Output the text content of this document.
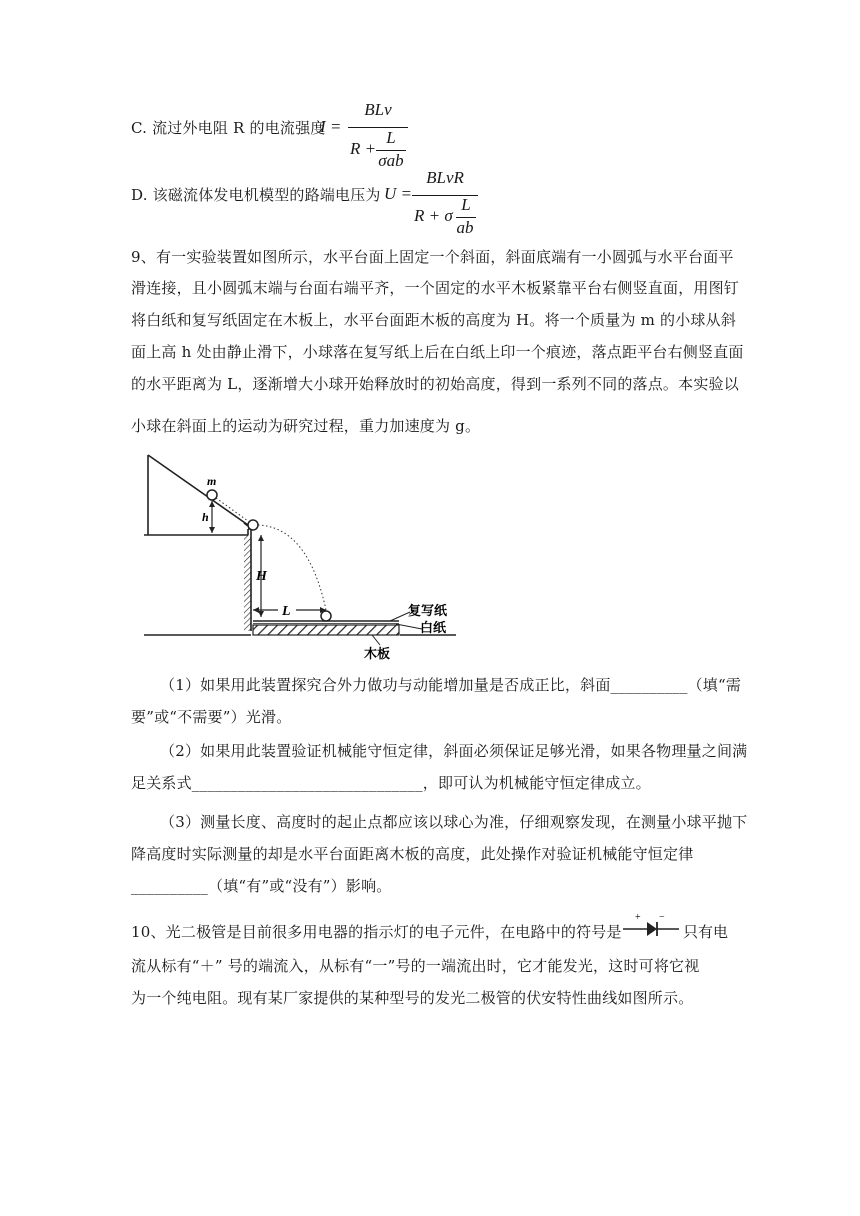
C. 流过外电阻 R 的电流强度
I =
BLv
R +
L
σab
D. 该磁流体发电机模型的路端电压为 U =
BLvR
R + σ
L
ab
9、有一实验装置如图所示，水平台面上固定一个斜面，斜面底端有一小圆弧与水平台面平
滑连接，且小圆弧末端与台面右端平齐，一个固定的水平木板紧靠平台右侧竖直面，用图钉
将白纸和复写纸固定在木板上，水平台面距木板的高度为 H。将一个质量为 m 的小球从斜
面上高 h 处由静止滑下，小球落在复写纸上后在白纸上印一个痕迹，落点距平台右侧竖直面
的水平距离为 L，逐渐增大小球开始释放时的初始高度，得到一系列不同的落点。本实验以
小球在斜面上的运动为研究过程，重力加速度为 g。
h
m
H
L	复写纸
白纸
木板
（1）如果用此装置探究合外力做功与动能增加量是否成正比，斜面__________（填“需
要”或“不需要”）光滑。
（2）如果用此装置验证机械能守恒定律，斜面必须保证足够光滑，如果各物理量之间满
足关系式______________________________，即可认为机械能守恒定律成立。
（3）测量长度、高度时的起止点都应该以球心为准，仔细观察发现，在测量小球平抛下
降高度时实际测量的却是水平台面距离木板的高度，此处操作对验证机械能守恒定律
__________（填“有”或“没有”）影响。
10、光二极管是目前很多用电器的指示灯的电子元件，在电路中的符号是
+ −
只有电
流从标有“＋” 号的端流入，从标有“一”号的一端流出时，它才能发光，这时可将它视
为一个纯电阻。现有某厂家提供的某种型号的发光二极管的伏安特性曲线如图所示。
